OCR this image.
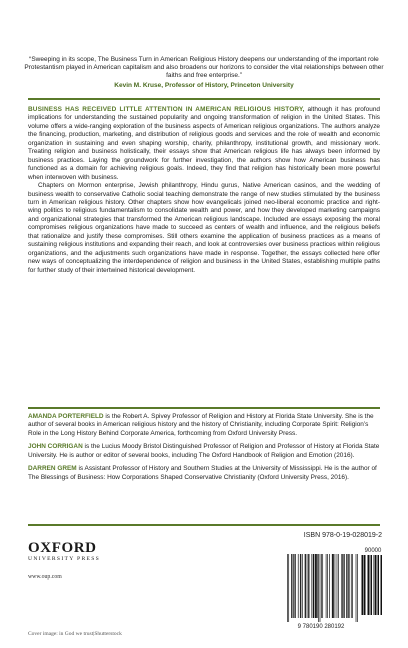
“Sweeping in its scope, The Business Turn in American Religious History deepens our understanding of the important role Protestantism played in American capitalism and also broadens our horizons to consider the vital relationships between other faiths and free enterprise.”
Kevin M. Kruse, Professor of History, Princeton University

BUSINESS HAS RECEIVED LITTLE ATTENTION IN AMERICAN RELIGIOUS HISTORY, although it has profound implications for understanding the sustained popularity and ongoing transformation of religion in the United States. This volume offers a wide-ranging exploration of the business aspects of American religious organizations. The authors analyze the financing, production, marketing, and distribution of religious goods and services and the role of wealth and economic organization in sustaining and even shaping worship, charity, philanthropy, institutional growth, and missionary work. Treating religion and business holistically, their essays show that American religious life has always been informed by business practices. Laying the groundwork for further investigation, the authors show how American business has functioned as a domain for achieving religious goals. Indeed, they find that religion has historically been more powerful when interwoven with business.

Chapters on Mormon enterprise, Jewish philanthropy, Hindu gurus, Native American casinos, and the wedding of business wealth to conservative Catholic social teaching demonstrate the range of new studies stimulated by the business turn in American religious history. Other chapters show how evangelicals joined neo-liberal economic practice and right-wing politics to religious fundamentalism to consolidate wealth and power, and how they developed marketing campaigns and organizational strategies that transformed the American religious landscape. Included are essays exposing the moral compromises religious organizations have made to succeed as centers of wealth and influence, and the religious beliefs that rationalize and justify these compromises. Still others examine the application of business practices as a means of sustaining religious institutions and expanding their reach, and look at controversies over business practices within religious organizations, and the adjustments such organizations have made in response. Together, the essays collected here offer new ways of conceptualizing the interdependence of religion and business in the United States, establishing multiple paths for further study of their intertwined historical development.

AMANDA PORTERFIELD is the Robert A. Spivey Professor of Religion and History at Florida State University. She is the author of several books in American religious history and the history of Christianity, including Corporate Spirit: Religion’s Role in the Long History Behind Corporate America, forthcoming from Oxford University Press.

JOHN CORRIGAN is the Lucius Moody Bristol Distinguished Professor of Religion and Professor of History at Florida State University. He is author or editor of several books, including The Oxford Handbook of Religion and Emotion (2016).

DARREN GREM is Assistant Professor of History and Southern Studies at the University of Mississippi. He is the author of The Blessings of Business: How Corporations Shaped Conservative Christianity (Oxford University Press, 2016).

OXFORD
UNIVERSITY PRESS
www.oup.com
Cover image: in God we trust|Shutterstock
ISBN 978-0-19-028019-2
90000
9 780190 280192
